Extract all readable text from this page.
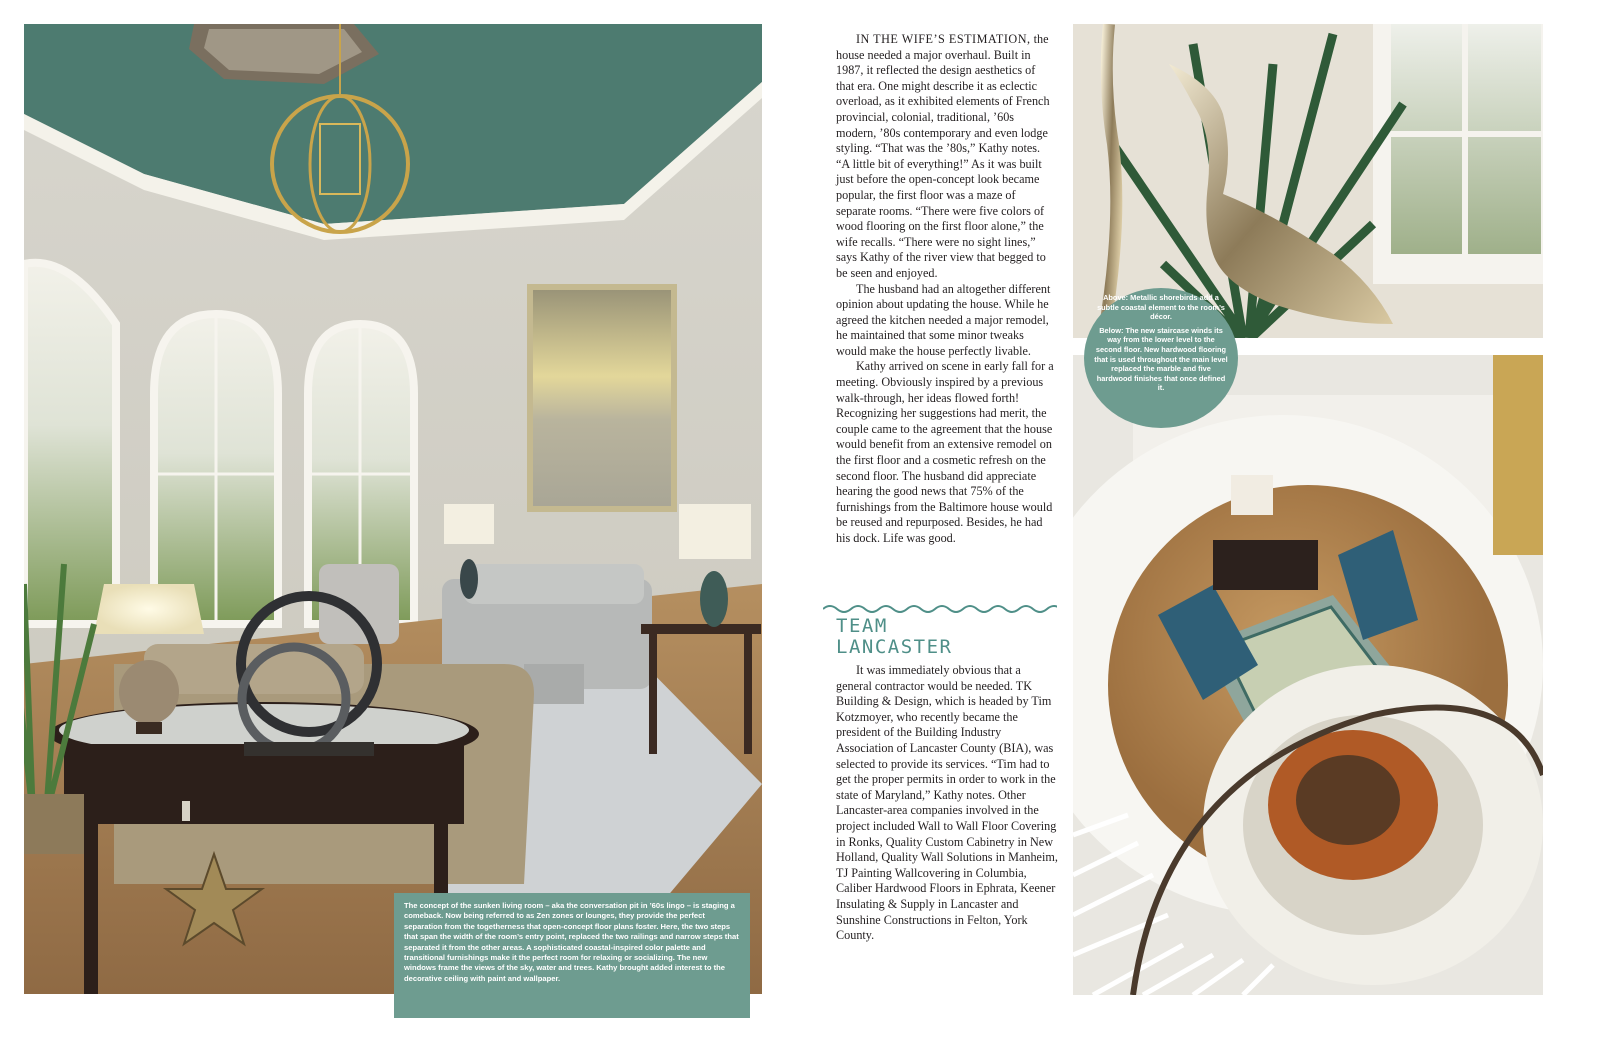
The concept of the sunken living room – aka the conversation pit in ’60s lingo – is staging a comeback. Now being referred to as Zen zones or lounges, they provide the perfect separation from the togetherness that open-concept floor plans foster. Here, the two steps that span the width of the room’s entry point, replaced the two railings and narrow steps that separated it from the other areas. A sophisticated coastal-inspired color palette and transitional furnishings make it the perfect room for relaxing or socializing. The new windows frame the views of the sky, water and trees. Kathy brought added interest to the decorative ceiling with paint and wallpaper.

IN THE WIFE’S ESTIMATION, the house needed a major overhaul. Built in 1987, it reflected the design aesthetics of that era. One might describe it as eclectic overload, as it exhibited elements of French provincial, colonial, traditional, ’60s modern, ’80s contemporary and even lodge styling. “That was the ’80s,” Kathy notes. “A little bit of everything!” As it was built just before the open-concept look became popular, the first floor was a maze of separate rooms. “There were five colors of wood flooring on the first floor alone,” the wife recalls. “There were no sight lines,” says Kathy of the river view that begged to be seen and enjoyed.

The husband had an altogether different opinion about updating the house. While he agreed the kitchen needed a major remodel, he maintained that some minor tweaks would make the house perfectly livable.

Kathy arrived on scene in early fall for a meeting. Obviously inspired by a previous walk-through, her ideas flowed forth! Recognizing her suggestions had merit, the couple came to the agreement that the house would benefit from an extensive remodel on the first floor and a cosmetic refresh on the second floor. The husband did appreciate hearing the good news that 75% of the furnishings from the Baltimore house would be reused and repurposed. Besides, he had his dock. Life was good.

TEAM
LANCASTER

It was immediately obvious that a general contractor would be needed. TK Building & Design, which is headed by Tim Kotzmoyer, who recently became the president of the Building Industry Association of Lancaster County (BIA), was selected to provide its services. “Tim had to get the proper permits in order to work in the state of Maryland,” Kathy notes. Other Lancaster-area companies involved in the project included Wall to Wall Floor Covering in Ronks, Quality Custom Cabinetry in New Holland, Quality Wall Solutions in Manheim, TJ Painting Wallcovering in Columbia, Caliber Hardwood Floors in Ephrata, Keener Insulating & Supply in Lancaster and Sunshine Constructions in Felton, York County.

Above: Metallic shorebirds add a subtle coastal element to the room’s décor.

Below: The new staircase winds its way from the lower level to the second floor. New hardwood flooring that is used throughout the main level replaced the marble and five hardwood finishes that once defined it.
